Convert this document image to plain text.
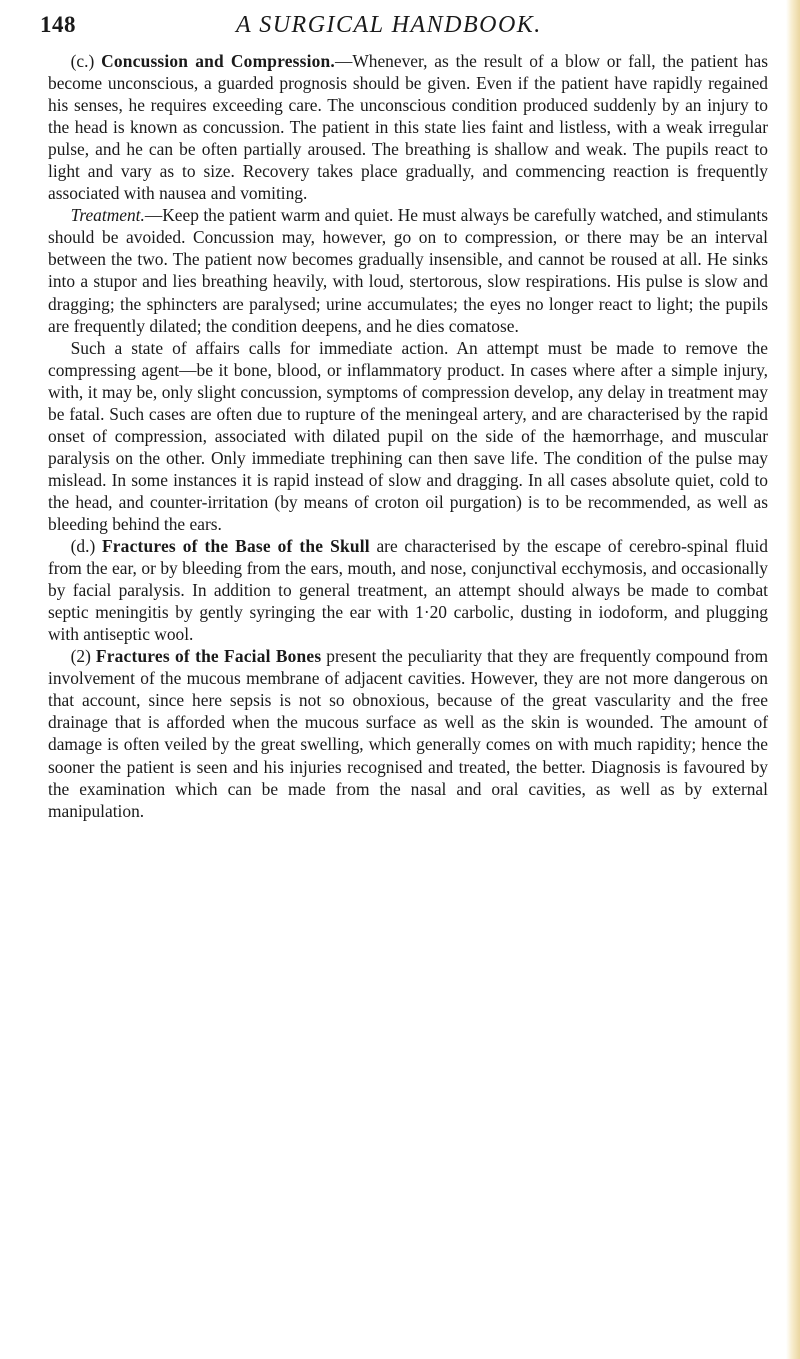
148	A SURGICAL HANDBOOK.

(c.) Concussion and Compression.—Whenever, as the result of a blow or fall, the patient has become unconscious, a guarded prognosis should be given. Even if the patient have rapidly regained his senses, he requires exceeding care. The unconscious condition produced suddenly by an injury to the head is known as concussion. The patient in this state lies faint and listless, with a weak irregular pulse, and he can be often partially aroused. The breathing is shallow and weak. The pupils react to light and vary as to size. Recovery takes place gradually, and commencing reaction is frequently associated with nausea and vomiting.

Treatment.—Keep the patient warm and quiet. He must always be carefully watched, and stimulants should be avoided. Concussion may, however, go on to compression, or there may be an interval between the two. The patient now becomes gradually insensible, and cannot be roused at all. He sinks into a stupor and lies breathing heavily, with loud, stertorous, slow respirations. His pulse is slow and dragging; the sphincters are paralysed; urine accumulates; the eyes no longer react to light; the pupils are frequently dilated; the condition deepens, and he dies comatose.

Such a state of affairs calls for immediate action. An attempt must be made to remove the compressing agent—be it bone, blood, or inflammatory product. In cases where after a simple injury, with, it may be, only slight concussion, symptoms of compression develop, any delay in treatment may be fatal. Such cases are often due to rupture of the meningeal artery, and are characterised by the rapid onset of compression, associated with dilated pupil on the side of the hæmorrhage, and muscular paralysis on the other. Only immediate trephining can then save life. The condition of the pulse may mislead. In some instances it is rapid instead of slow and dragging. In all cases absolute quiet, cold to the head, and counter-irritation (by means of croton oil purgation) is to be recommended, as well as bleeding behind the ears.

(d.) Fractures of the Base of the Skull are characterised by the escape of cerebro-spinal fluid from the ear, or by bleeding from the ears, mouth, and nose, conjunctival ecchymosis, and occasionally by facial paralysis. In addition to general treatment, an attempt should always be made to combat septic meningitis by gently syringing the ear with 1·20 carbolic, dusting in iodoform, and plugging with antiseptic wool.

(2) Fractures of the Facial Bones present the peculiarity that they are frequently compound from involvement of the mucous membrane of adjacent cavities. However, they are not more dangerous on that account, since here sepsis is not so obnoxious, because of the great vascularity and the free drainage that is afforded when the mucous surface as well as the skin is wounded. The amount of damage is often veiled by the great swelling, which generally comes on with much rapidity; hence the sooner the patient is seen and his injuries recognised and treated, the better. Diagnosis is favoured by the examination which can be made from the nasal and oral cavities, as well as by external manipulation.
